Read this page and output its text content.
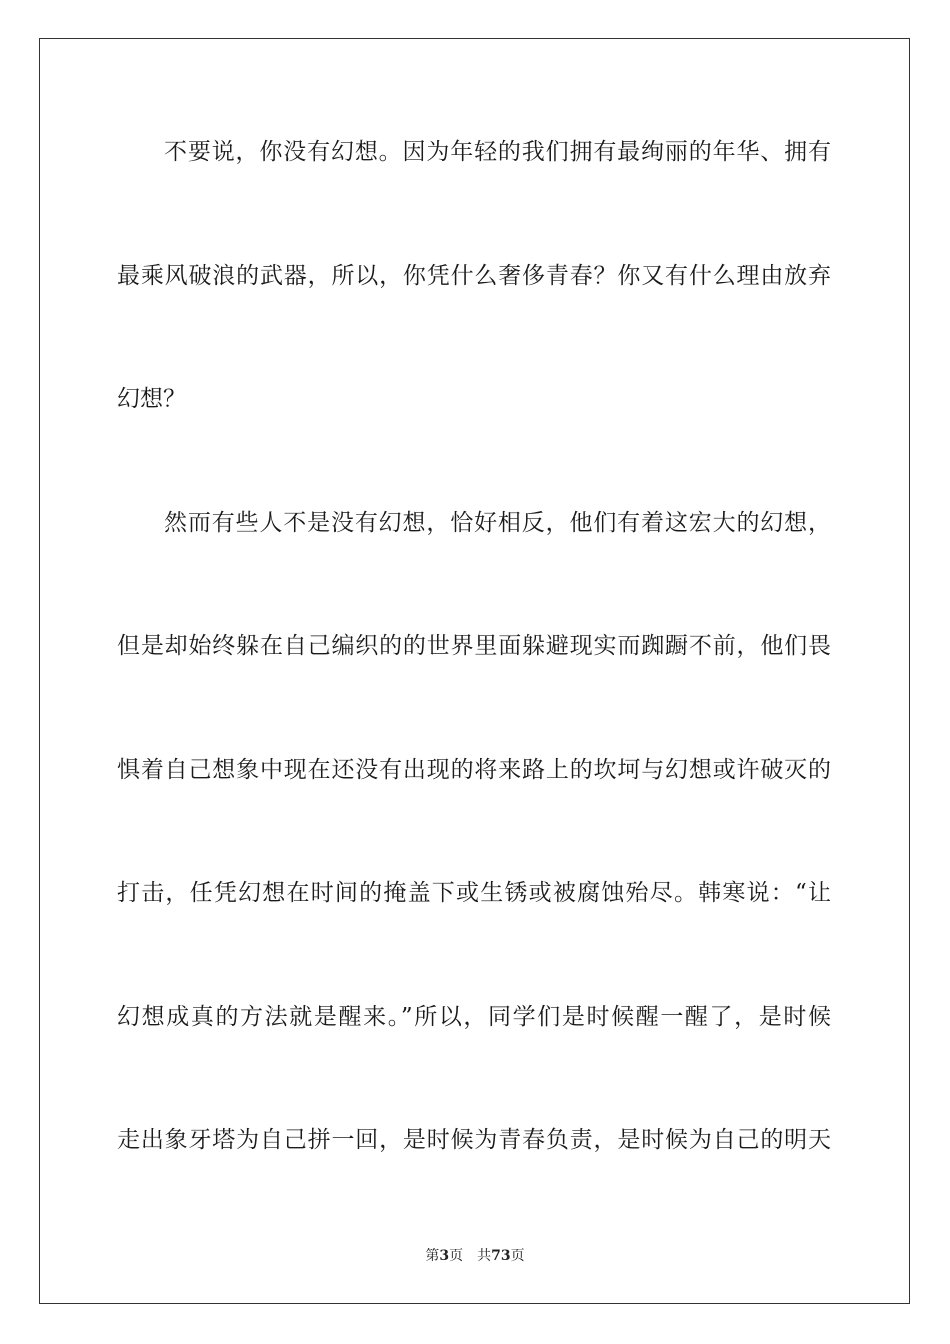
不要说，你没有幻想。因为年轻的我们拥有最绚丽的年华、拥有
最乘风破浪的武器，所以，你凭什么奢侈青春？你又有什么理由放弃
幻想？
然而有些人不是没有幻想，恰好相反，他们有着这宏大的幻想，
但是却始终躲在自己编织的的世界里面躲避现实而踟蹰不前，他们畏
惧着自己想象中现在还没有出现的将来路上的坎坷与幻想或许破灭的
打击，任凭幻想在时间的掩盖下或生锈或被腐蚀殆尽。韩寒说：“让
幻想成真的方法就是醒来。”所以，同学们是时候醒一醒了，是时候
走出象牙塔为自己拼一回，是时候为青春负责，是时候为自己的明天
第3页 共73页
